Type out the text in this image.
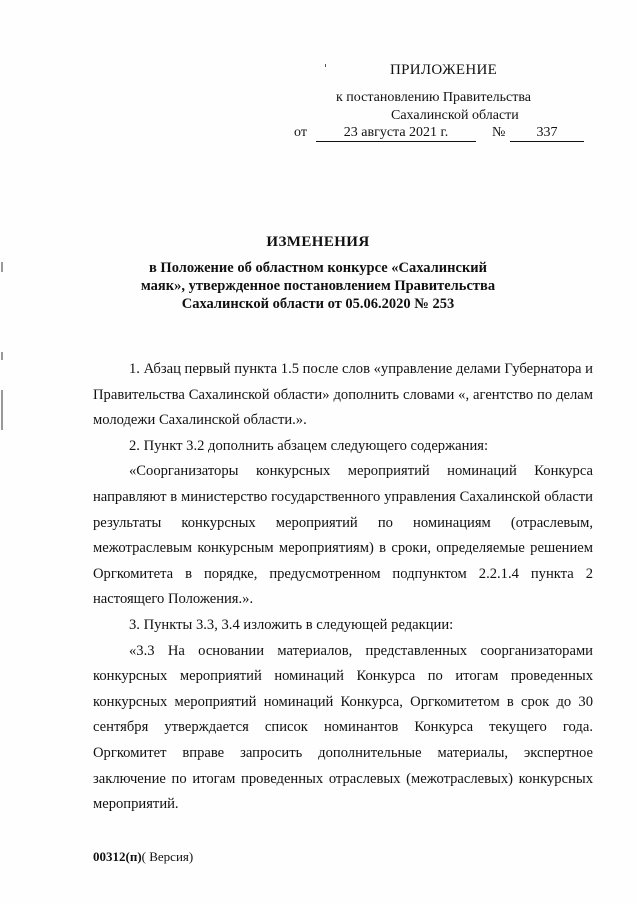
ПРИЛОЖЕНИЕ
к постановлению Правительства
Сахалинской области
от	23 августа 2021 г.	№	337
ИЗМЕНЕНИЯ
в Положение об областном конкурсе «Сахалинский
маяк», утвержденное постановлением Правительства
Сахалинской области от 05.06.2020 № 253

1. Абзац первый пункта 1.5 после слов «управление делами Губернатора и Правительства Сахалинской области» дополнить словами «, агентство по делам молодежи Сахалинской области.».

2. Пункт 3.2 дополнить абзацем следующего содержания:

«Соорганизаторы конкурсных мероприятий номинаций Конкурса направляют в министерство государственного управления Сахалинской области результаты конкурсных мероприятий по номинациям (отраслевым, межотраслевым конкурсным мероприятиям) в сроки, определяемые решением Оргкомитета в порядке, предусмотренном подпунктом 2.2.1.4 пункта 2 настоящего Положения.».

3. Пункты 3.3, 3.4 изложить в следующей редакции:

«3.3 На основании материалов, представленных соорганизаторами конкурсных мероприятий номинаций Конкурса по итогам проведенных конкурсных мероприятий номинаций Конкурса, Оргкомитетом в срок до 30 сентября утверждается список номинантов Конкурса текущего года. Оргкомитет вправе запросить дополнительные материалы, экспертное заключение по итогам проведенных отраслевых (межотраслевых) конкурсных мероприятий.

00312(п)( Версия)
